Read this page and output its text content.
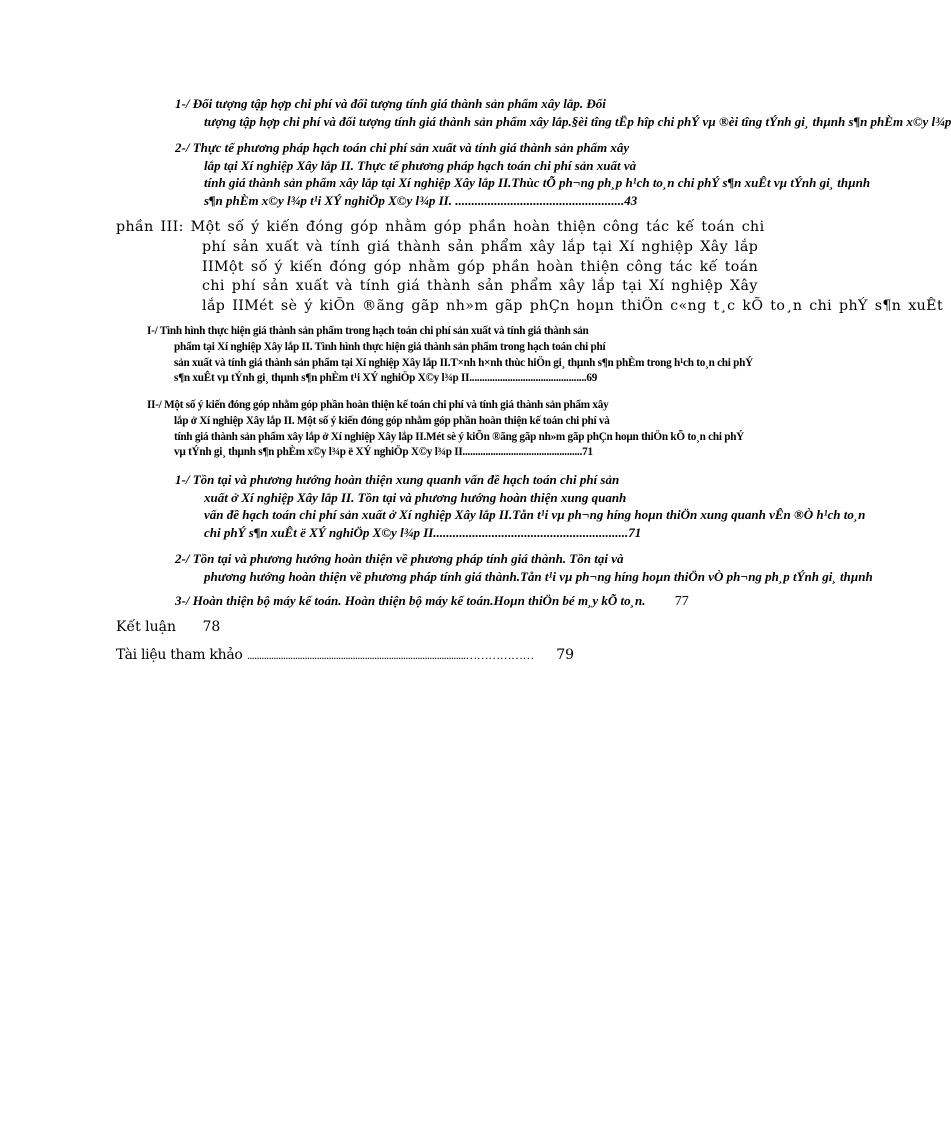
1-/ Đối tượng tập hợp chi phí và đối tượng tính giá thành sản phẩm xây lắp. Đối
tượng tập hợp chi phí và đối tượng tính giá thành sản phẩm xây lắp.§èi tîng tËp hîp chi phÝ vµ ®èi tîng tÝnh gi¸ thµnh s¶n phÈm x©y l¾p
2-/ Thực tế phương pháp hạch toán chi phí sản xuất và tính giá thành sản phẩm xây
lắp tại Xí nghiệp Xây lắp II. Thực tế phương pháp hạch toán chi phí sản xuất và
tính giá thành sản phẩm xây lắp tại Xí nghiệp Xây lắp II.Thùc tÕ ph¬ng ph¸p h¹ch to¸n chi phÝ s¶n xuÊt vµ tÝnh gi¸ thµnh
s¶n phÈm x©y l¾p t¹i XÝ nghiÖp X©y l¾p II. ....................................................43
phần III: Một số ý kiến đóng góp nhằm góp phần hoàn thiện công tác kế toán chi
phí sản xuất và tính giá thành sản phẩm xây lắp tại Xí nghiệp Xây lắp
IIMột số ý kiến đóng góp nhằm góp phần hoàn thiện công tác kế toán
chi phí sản xuất và tính giá thành sản phẩm xây lắp tại Xí nghiệp Xây
lắp IIMét sè ý kiÕn ®ãng gãp nh»m gãp phÇn hoµn thiÖn c«ng t¸c kÕ to¸n chi phÝ s¶n xuÊt
I-/ Tình hình thực hiện giá thành sản phẩm trong hạch toán chi phí sản xuất và tính giá thành sản
phẩm tại Xí nghiệp Xây lắp II. Tình hình thực hiện giá thành sản phẩm trong hạch toán chi phí
sản xuất và tính giá thành sản phẩm tại Xí nghiệp Xây lắp II.T×nh h×nh thùc hiÖn gi¸ thµnh s¶n phÈm trong h¹ch to¸n chi phÝ
s¶n xuÊt vµ tÝnh gi¸ thµnh s¶n phÈm t¹i XÝ nghiÖp X©y l¾p II..............................................69
II-/ Một số ý kiến đóng góp nhằm góp phần hoàn thiện kế toán chi phí và tính giá thành sản phẩm xây
lắp ở Xí nghiệp Xây lắp II. Một số ý kiến đóng góp nhằm góp phần hoàn thiện kế toán chi phí và
tính giá thành sản phẩm xây lắp ở Xí nghiệp Xây lắp II.Mét sè ý kiÕn ®ãng gãp nh»m gãp phÇn hoµn thiÖn kÕ to¸n chi phÝ
vµ tÝnh gi¸ thµnh s¶n phÈm x©y l¾p ë XÝ nghiÖp X©y l¾p II...............................................71
1-/ Tồn tại và phương hướng hoàn thiện xung quanh vấn đề hạch toán chi phí sản
xuất ở Xí nghiệp Xây lắp II. Tồn tại và phương hướng hoàn thiện xung quanh
vấn đề hạch toán chi phí sản xuất ở Xí nghiệp Xây lắp II.Tån t¹i vµ ph¬ng híng hoµn thiÖn xung quanh vÊn ®Ò h¹ch to¸n
chi phÝ s¶n xuÊt ë XÝ nghiÖp X©y l¾p II............................................................71
2-/ Tồn tại và phương hướng hoàn thiện về phương pháp tính giá thành. Tồn tại và
phương hướng hoàn thiện về phương pháp tính giá thành.Tån t¹i vµ ph¬ng híng hoµn thiÖn vÒ ph¬ng ph¸p tÝnh gi¸ thµnh
3-/ Hoàn thiện bộ máy kế toán. Hoàn thiện bộ máy kế toán.Hoµn thiÖn bé m¸y kÕ to¸n. 77
Kết luận 78
Tài liệu tham khảo ...........................................................................................……………… 79
